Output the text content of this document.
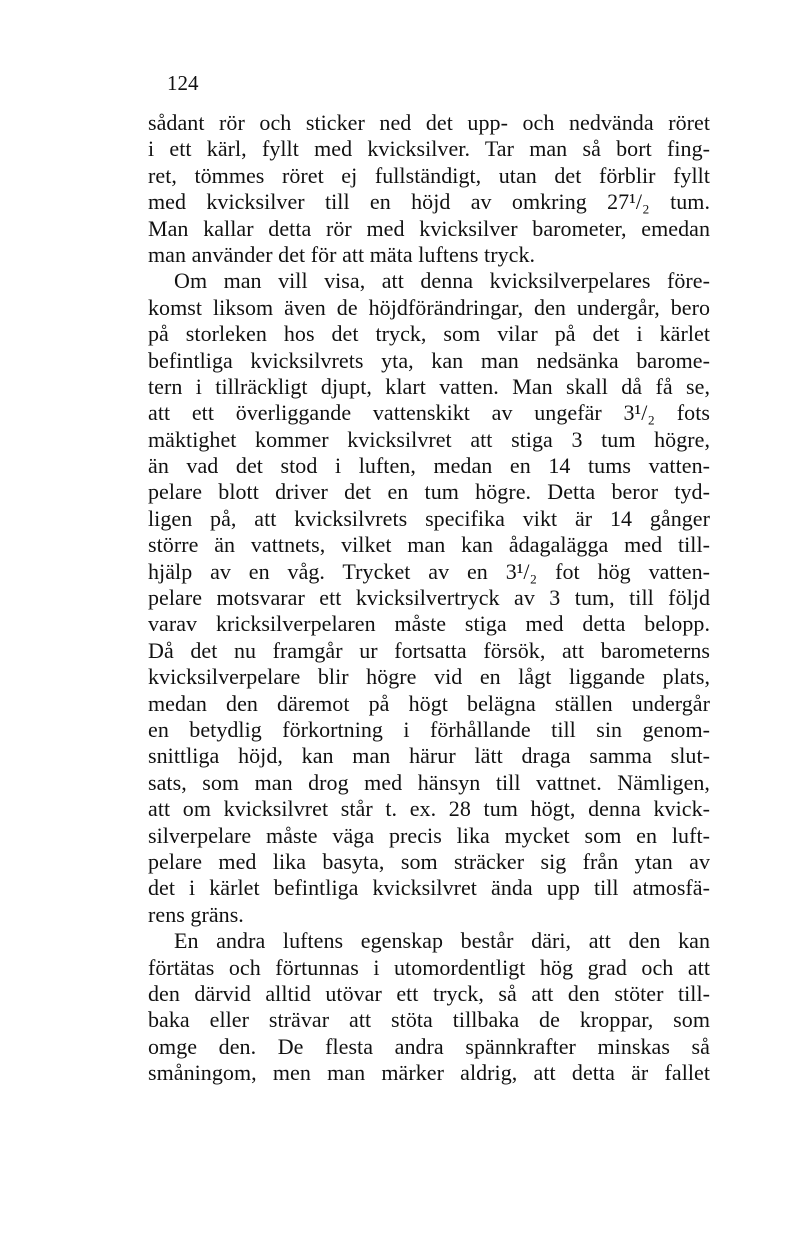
124
sådant rör och sticker ned det upp- och nedvända röret
i ett kärl, fyllt med kvicksilver. Tar man så bort fing-
ret, tömmes röret ej fullständigt, utan det förblir fyllt
med kvicksilver till en höjd av omkring 27¹/₂ tum.
Man kallar detta rör med kvicksilver barometer, emedan
man använder det för att mäta luftens tryck.
Om man vill visa, att denna kvicksilverpelares före-
komst liksom även de höjdförändringar, den undergår, bero
på storleken hos det tryck, som vilar på det i kärlet
befintliga kvicksilvrets yta, kan man nedsänka barome-
tern i tillräckligt djupt, klart vatten. Man skall då få se,
att ett överliggande vattenskikt av ungefär 3¹/₂ fots
mäktighet kommer kvicksilvret att stiga 3 tum högre,
än vad det stod i luften, medan en 14 tums vatten-
pelare blott driver det en tum högre. Detta beror tyd-
ligen på, att kvicksilvrets specifika vikt är 14 gånger
större än vattnets, vilket man kan ådagalägga med till-
hjälp av en våg. Trycket av en 3¹/₂ fot hög vatten-
pelare motsvarar ett kvicksilvertryck av 3 tum, till följd
varav kricksilverpelaren måste stiga med detta belopp.
Då det nu framgår ur fortsatta försök, att barometerns
kvicksilverpelare blir högre vid en lågt liggande plats,
medan den däremot på högt belägna ställen undergår
en betydlig förkortning i förhållande till sin genom-
snittliga höjd, kan man härur lätt draga samma slut-
sats, som man drog med hänsyn till vattnet. Nämligen,
att om kvicksilvret står t. ex. 28 tum högt, denna kvick-
silverpelare måste väga precis lika mycket som en luft-
pelare med lika basyta, som sträcker sig från ytan av
det i kärlet befintliga kvicksilvret ända upp till atmosfä-
rens gräns.
En andra luftens egenskap består däri, att den kan
förtätas och förtunnas i utomordentligt hög grad och att
den därvid alltid utövar ett tryck, så att den stöter till-
baka eller strävar att stöta tillbaka de kroppar, som
omge den. De flesta andra spännkrafter minskas så
småningom, men man märker aldrig, att detta är fallet
